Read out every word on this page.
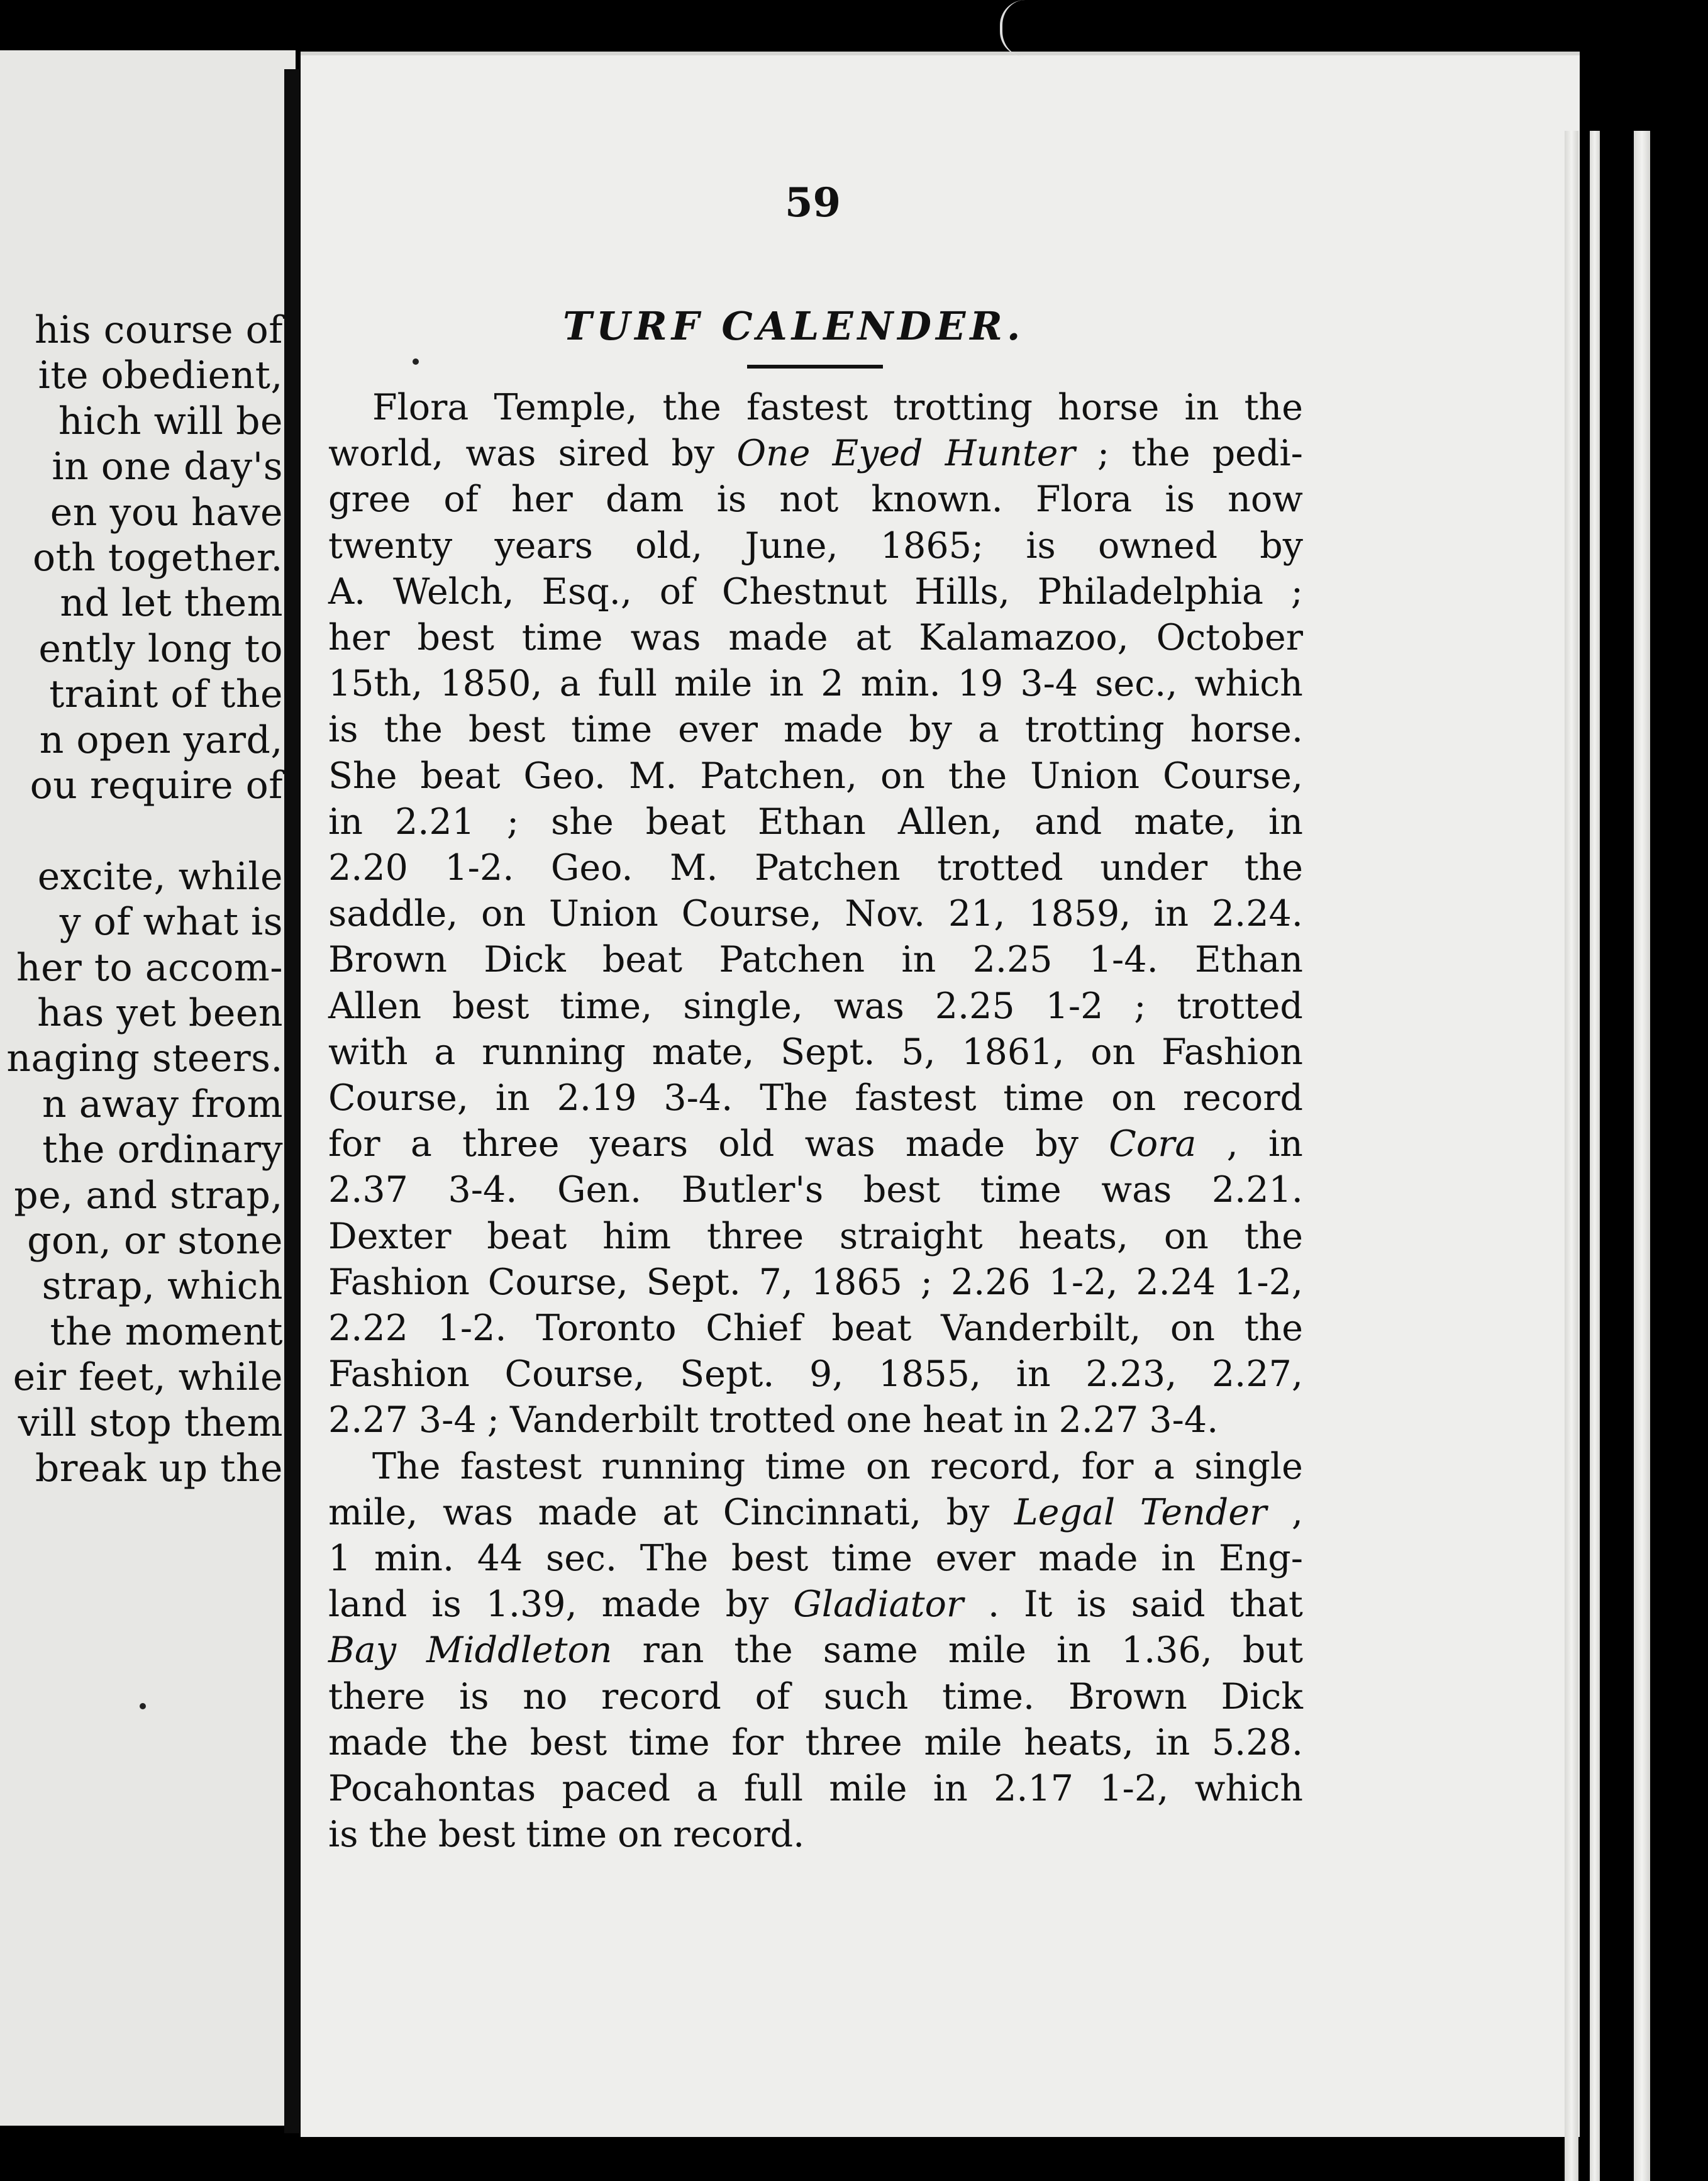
his course of
ite obedient,
hich will be
in one day's
en you have
oth together.
nd let them
ently long to
traint of the
n open yard,
ou require of
excite, while
y of what is
her to accom-
has yet been
naging steers.
n away from
the ordinary
pe, and strap,
gon, or stone
strap, which
the moment
eir feet, while
vill stop them
break up the
59
TURF CALENDER.
Flora Temple, the fastest trotting horse in the
world, was sired by One Eyed Hunter ; the pedi-
gree of her dam is not known. Flora is now
twenty years old, June, 1865; is owned by
A. Welch, Esq., of Chestnut Hills, Philadelphia ;
her best time was made at Kalamazoo, October
15th, 1850, a full mile in 2 min. 19 3-4 sec., which
is the best time ever made by a trotting horse.
She beat Geo. M. Patchen, on the Union Course,
in 2.21 ; she beat Ethan Allen, and mate, in
2.20 1-2. Geo. M. Patchen trotted under the
saddle, on Union Course, Nov. 21, 1859, in 2.24.
Brown Dick beat Patchen in 2.25 1-4. Ethan
Allen best time, single, was 2.25 1-2 ; trotted
with a running mate, Sept. 5, 1861, on Fashion
Course, in 2.19 3-4. The fastest time on record
for a three years old was made by Cora , in
2.37 3-4. Gen. Butler's best time was 2.21.
Dexter beat him three straight heats, on the
Fashion Course, Sept. 7, 1865 ; 2.26 1-2, 2.24 1-2,
2.22 1-2. Toronto Chief beat Vanderbilt, on the
Fashion Course, Sept. 9, 1855, in 2.23, 2.27,
2.27 3-4 ; Vanderbilt trotted one heat in 2.27 3-4.
The fastest running time on record, for a single
mile, was made at Cincinnati, by Legal Tender ,
1 min. 44 sec. The best time ever made in Eng-
land is 1.39, made by Gladiator . It is said that
Bay Middleton ran the same mile in 1.36, but
there is no record of such time. Brown Dick
made the best time for three mile heats, in 5.28.
Pocahontas paced a full mile in 2.17 1-2, which
is the best time on record.
